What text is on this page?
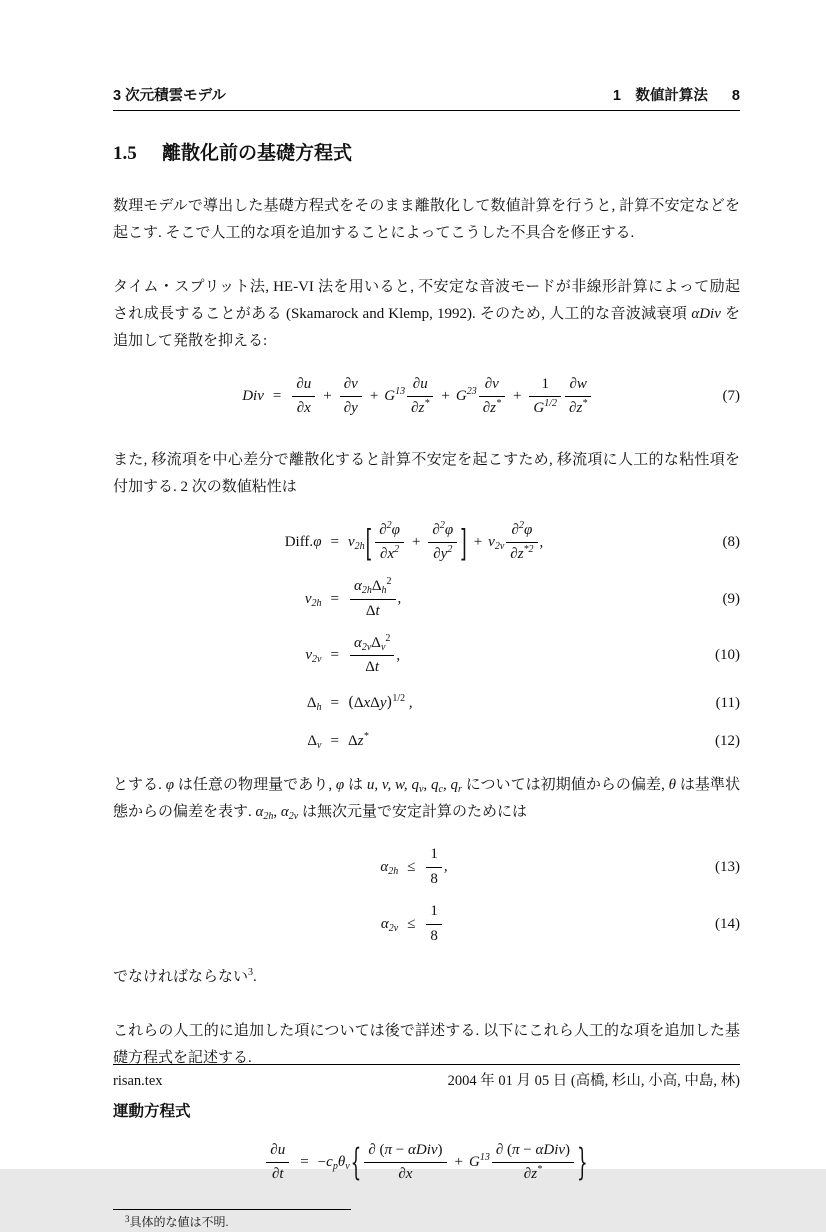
3 次元積雲モデル	1　数値計算法 8
1.5 離散化前の基礎方程式

数理モデルで導出した基礎方程式をそのまま離散化して数値計算を行うと, 計算不安定などを起こす. そこで人工的な項を追加することによってこうした不具合を修正する.

タイム・スプリット法, HE-VI 法を用いると, 不安定な音波モードが非線形計算によって励起され成長することがある (Skamarock and Klemp, 1992). そのため, 人工的な音波減衰項 αDiv を追加して発散を抑える:

	Div	=	$\frac{\partial u}{\partial x} + \frac{\partial v}{\partial y} + G^{13} \frac{\partial u}{\partial z^*} + G^{23} \frac{\partial v}{\partial z^*} + \frac{1}{G^{1/2}} \frac{\partial w}{\partial z^*}$		(7)

また, 移流項を中心差分で離散化すると計算不安定を起こすため, 移流項に人工的な粘性項を付加する. 2 次の数値粘性は

	Diff.φ	=	$\nu_{2h}[ \frac{\partial^2\varphi}{\partial x^2} + \frac{\partial^2\varphi}{\partial y^2}$ ] + $\nu_{2v} \frac{\partial^2\varphi}{\partial z^{*2}}$ ,		(8)
	$\nu_{2h}$	=	$\frac{\alpha_{2h}\Delta_h^2}{\Delta t}$ ,		(9)
	$\nu_{2v}$	=	$\frac{\alpha_{2v}\Delta_v^2}{\Delta t}$ ,		(10)
	$\Delta_h$	=	$(\Delta x\Delta y)^{1/2}$ ,		(11)
	$\Delta_v$	=	Δz*		(12)

とする. φ は任意の物理量であり, φ は u, v, w, $q_v$, $q_c$, $q_r$ については初期値からの偏差, θ は基準状態からの偏差を表す. $\alpha_{2h}$, $\alpha_{2v}$ は無次元量で安定計算のためには

	$\alpha_{2h}$	≤	$\frac{1}{8}$ ,		(13)
	$\alpha_{2v}$	≤	$\frac{1}{8}$		(14)

でなければならない$^3$.

これらの人工的に追加した項については後で詳述する. 以下にこれら人工的な項を追加した基礎方程式を記述する.

運動方程式

$\frac{\partial u}{\partial t}$	=	$-c_p\theta_v\{ \frac{\text{∂ (π − αDiv)}}{\partial x} + G^{13} \frac{\text{∂ (π − αDiv)}}{\partial z^*}$ }		

$^3$具体的な値は不明.

risan.tex	2004 年 01 月 05 日 (高橋, 杉山, 小高, 中島, 林)
